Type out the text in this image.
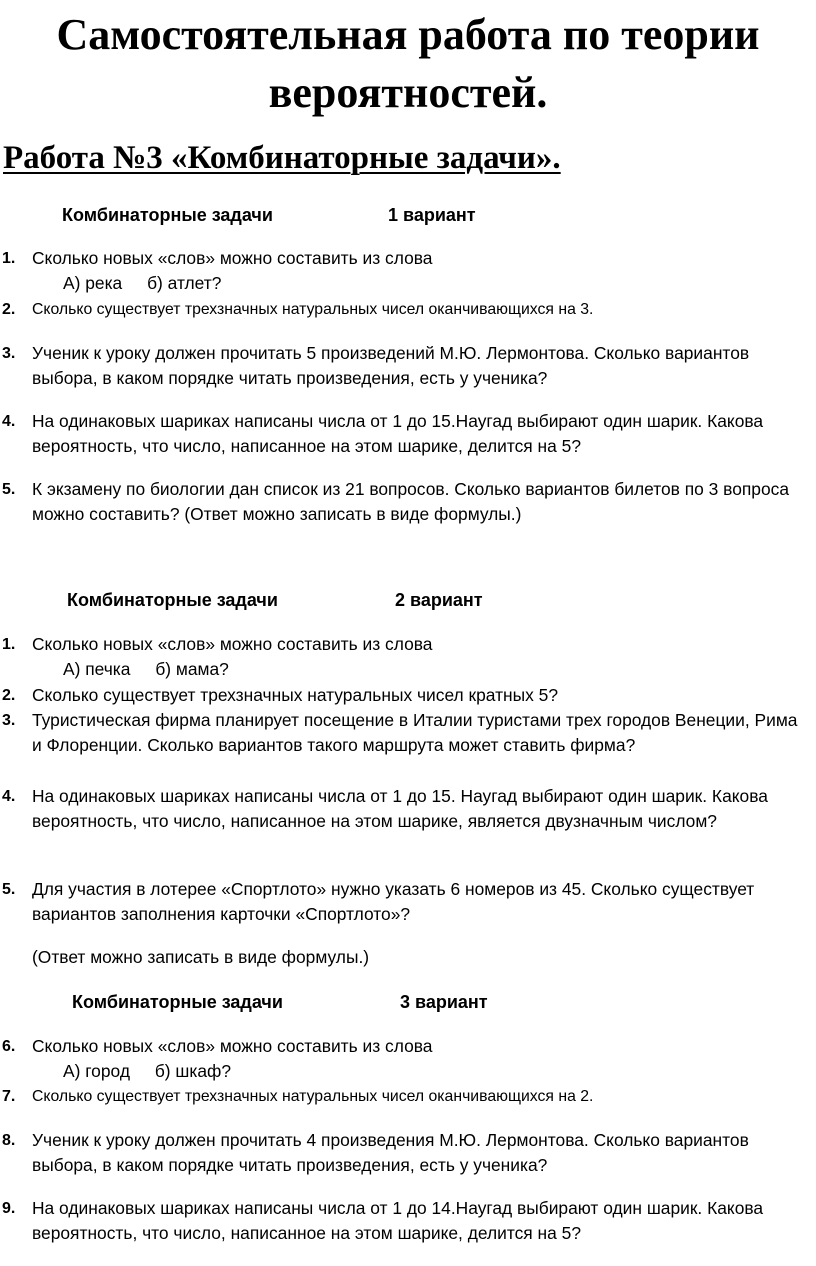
Самостоятельная работа по теории вероятностей.
Работа №3 «Комбинаторные задачи».
Комбинаторные задачи	1 вариант
1. Сколько новых «слов» можно составить из слова
А) река б) атлет?
2. Сколько существует трехзначных натуральных чисел оканчивающихся на 3.
3. Ученик к уроку должен прочитать 5 произведений М.Ю. Лермонтова. Сколько вариантов выбора, в каком порядке читать произведения, есть у ученика?
4. На одинаковых шариках написаны числа от 1 до 15.Наугад выбирают один шарик. Какова вероятность, что число, написанное на этом шарике, делится на 5?
5. К экзамену по биологии дан список из 21 вопросов. Сколько вариантов билетов по 3 вопроса можно составить? (Ответ можно записать в виде формулы.)
Комбинаторные задачи	2 вариант
1. Сколько новых «слов» можно составить из слова
А) печка б) мама?
2. Сколько существует трехзначных натуральных чисел кратных 5?
3. Туристическая фирма планирует посещение в Италии туристами трех городов Венеции, Рима и Флоренции. Сколько вариантов такого маршрута может ставить фирма?
4. На одинаковых шариках написаны числа от 1 до 15. Наугад выбирают один шарик. Какова вероятность, что число, написанное на этом шарике, является двузначным числом?
5. Для участия в лотерее «Спортлото» нужно указать 6 номеров из 45. Сколько существует вариантов заполнения карточки «Спортлото»?
(Ответ можно записать в виде формулы.)
Комбинаторные задачи	3 вариант
6. Сколько новых «слов» можно составить из слова
А) город б) шкаф?
7. Сколько существует трехзначных натуральных чисел оканчивающихся на 2.
8. Ученик к уроку должен прочитать 4 произведения М.Ю. Лермонтова. Сколько вариантов выбора, в каком порядке читать произведения, есть у ученика?
9. На одинаковых шариках написаны числа от 1 до 14.Наугад выбирают один шарик. Какова вероятность, что число, написанное на этом шарике, делится на 5?
